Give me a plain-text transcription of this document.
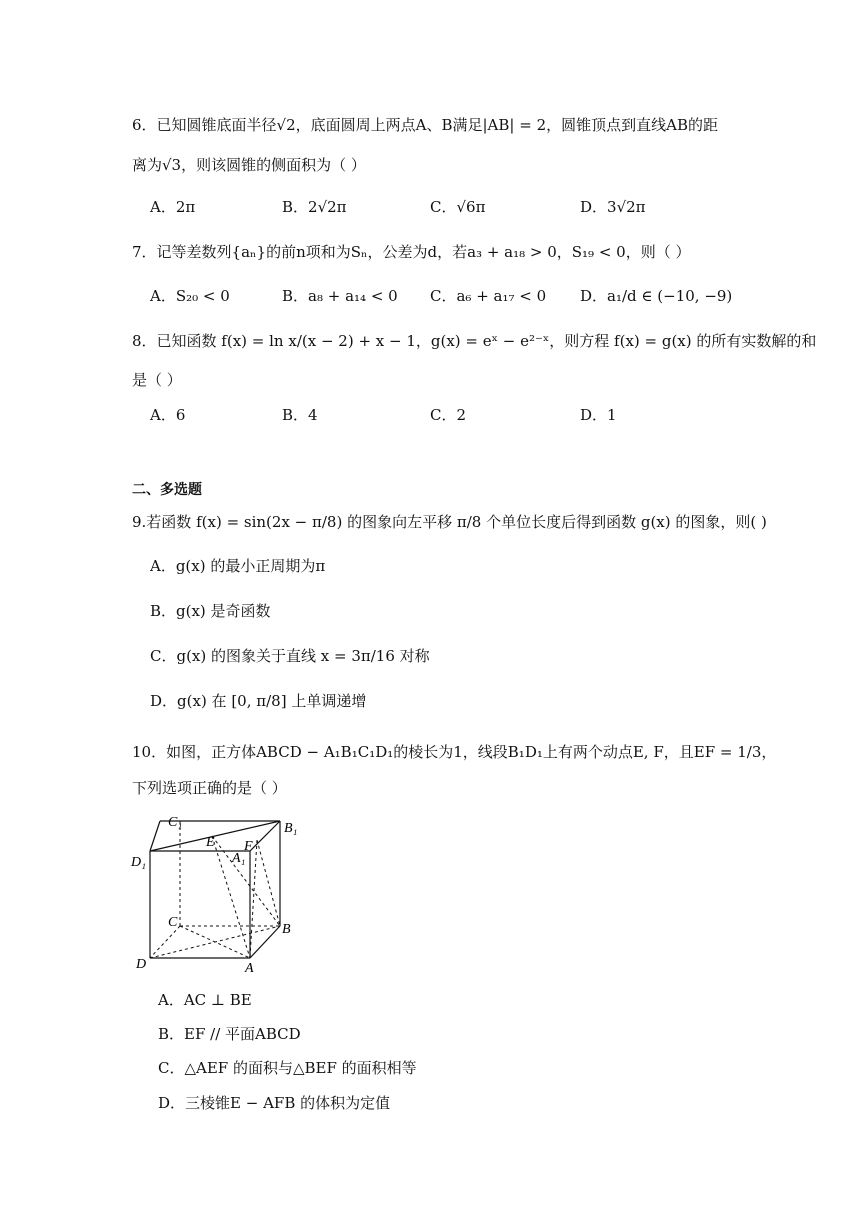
6．已知圆锥底面半径√2，底面圆周上两点A、B满足|AB| = 2，圆锥顶点到直线AB的距
离为√3，则该圆锥的侧面积为（ ）
A．2π	B．2√2π	C．√6π	D．3√2π
7．记等差数列{aₙ}的前n项和为Sₙ，公差为d，若a₃ + a₁₈ > 0，S₁₉ < 0，则（ ）
A．S₂₀ < 0	B．a₈ + a₁₄ < 0 C．a₆ + a₁₇ < 0 D．a₁/d ∈ (−10, −9)
8．已知函数 f(x) = ln x/(x − 2) + x − 1，g(x) = eˣ − e²⁻ˣ，则方程 f(x) = g(x) 的所有实数解的和
是（ ）
A．6	B．4	C．2	D．1
二、多选题
9.若函数 f(x) = sin(2x − π/8) 的图象向左平移 π/8 个单位长度后得到函数 g(x) 的图象，则( )
A．g(x) 的最小正周期为π
B．g(x) 是奇函数
C．g(x) 的图象关于直线 x = 3π/16 对称
D．g(x) 在 [0, π/8] 上单调递增
10．如图，正方体ABCD − A₁B₁C₁D₁的棱长为1，线段B₁D₁上有两个动点E, F，且EF = 1/3，
下列选项正确的是（ ）
C₁	B₁
D₁	A₁
E F
C	B
D	A
A．AC ⊥ BE
B．EF // 平面ABCD
C．△AEF 的面积与△BEF 的面积相等
D．三棱锥E − AFB 的体积为定值
